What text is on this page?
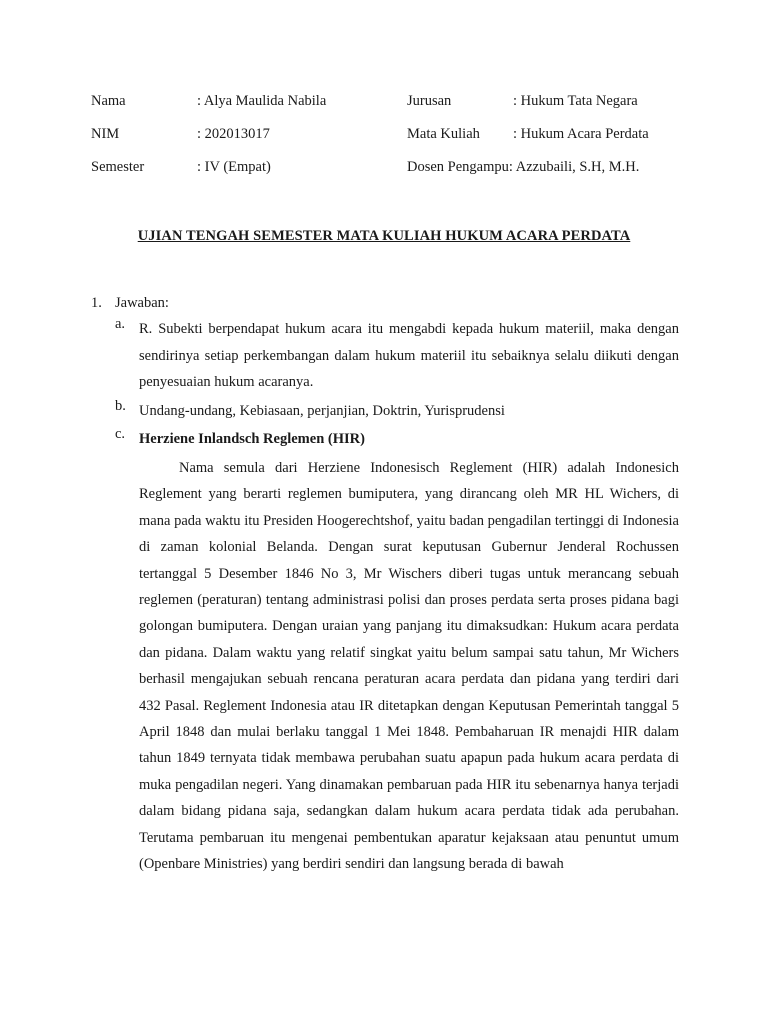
Nama	: Alya Maulida Nabila	Jurusan	: Hukum Tata Negara
NIM	: 202013017	Mata Kuliah : Hukum Acara Perdata
Semester	: IV (Empat)	Dosen Pengampu: Azzubaili, S.H, M.H.
UJIAN TENGAH SEMESTER MATA KULIAH HUKUM ACARA PERDATA
1. Jawaban:
a. R. Subekti berpendapat hukum acara itu mengabdi kepada hukum materiil, maka dengan sendirinya setiap perkembangan dalam hukum materiil itu sebaiknya selalu diikuti dengan penyesuaian hukum acaranya.
b. Undang-undang, Kebiasaan, perjanjian, Doktrin, Yurisprudensi
c. Herziene Inlandsch Reglemen (HIR)
Nama semula dari Herziene Indonesisch Reglement (HIR) adalah Indonesich Reglement yang berarti reglemen bumiputera, yang dirancang oleh MR HL Wichers, di mana pada waktu itu Presiden Hoogerechtshof, yaitu badan pengadilan tertinggi di Indonesia di zaman kolonial Belanda. Dengan surat keputusan Gubernur Jenderal Rochussen tertanggal 5 Desember 1846 No 3, Mr Wischers diberi tugas untuk merancang sebuah reglemen (peraturan) tentang administrasi polisi dan proses perdata serta proses pidana bagi golongan bumiputera. Dengan uraian yang panjang itu dimaksudkan: Hukum acara perdata dan pidana. Dalam waktu yang relatif singkat yaitu belum sampai satu tahun, Mr Wichers berhasil mengajukan sebuah rencana peraturan acara perdata dan pidana yang terdiri dari 432 Pasal. Reglement Indonesia atau IR ditetapkan dengan Keputusan Pemerintah tanggal 5 April 1848 dan mulai berlaku tanggal 1 Mei 1848. Pembaharuan IR menajdi HIR dalam tahun 1849 ternyata tidak membawa perubahan suatu apapun pada hukum acara perdata di muka pengadilan negeri. Yang dinamakan pembaruan pada HIR itu sebenarnya hanya terjadi dalam bidang pidana saja, sedangkan dalam hukum acara perdata tidak ada perubahan. Terutama pembaruan itu mengenai pembentukan aparatur kejaksaan atau penuntut umum (Openbare Ministries) yang berdiri sendiri dan langsung berada di bawah
